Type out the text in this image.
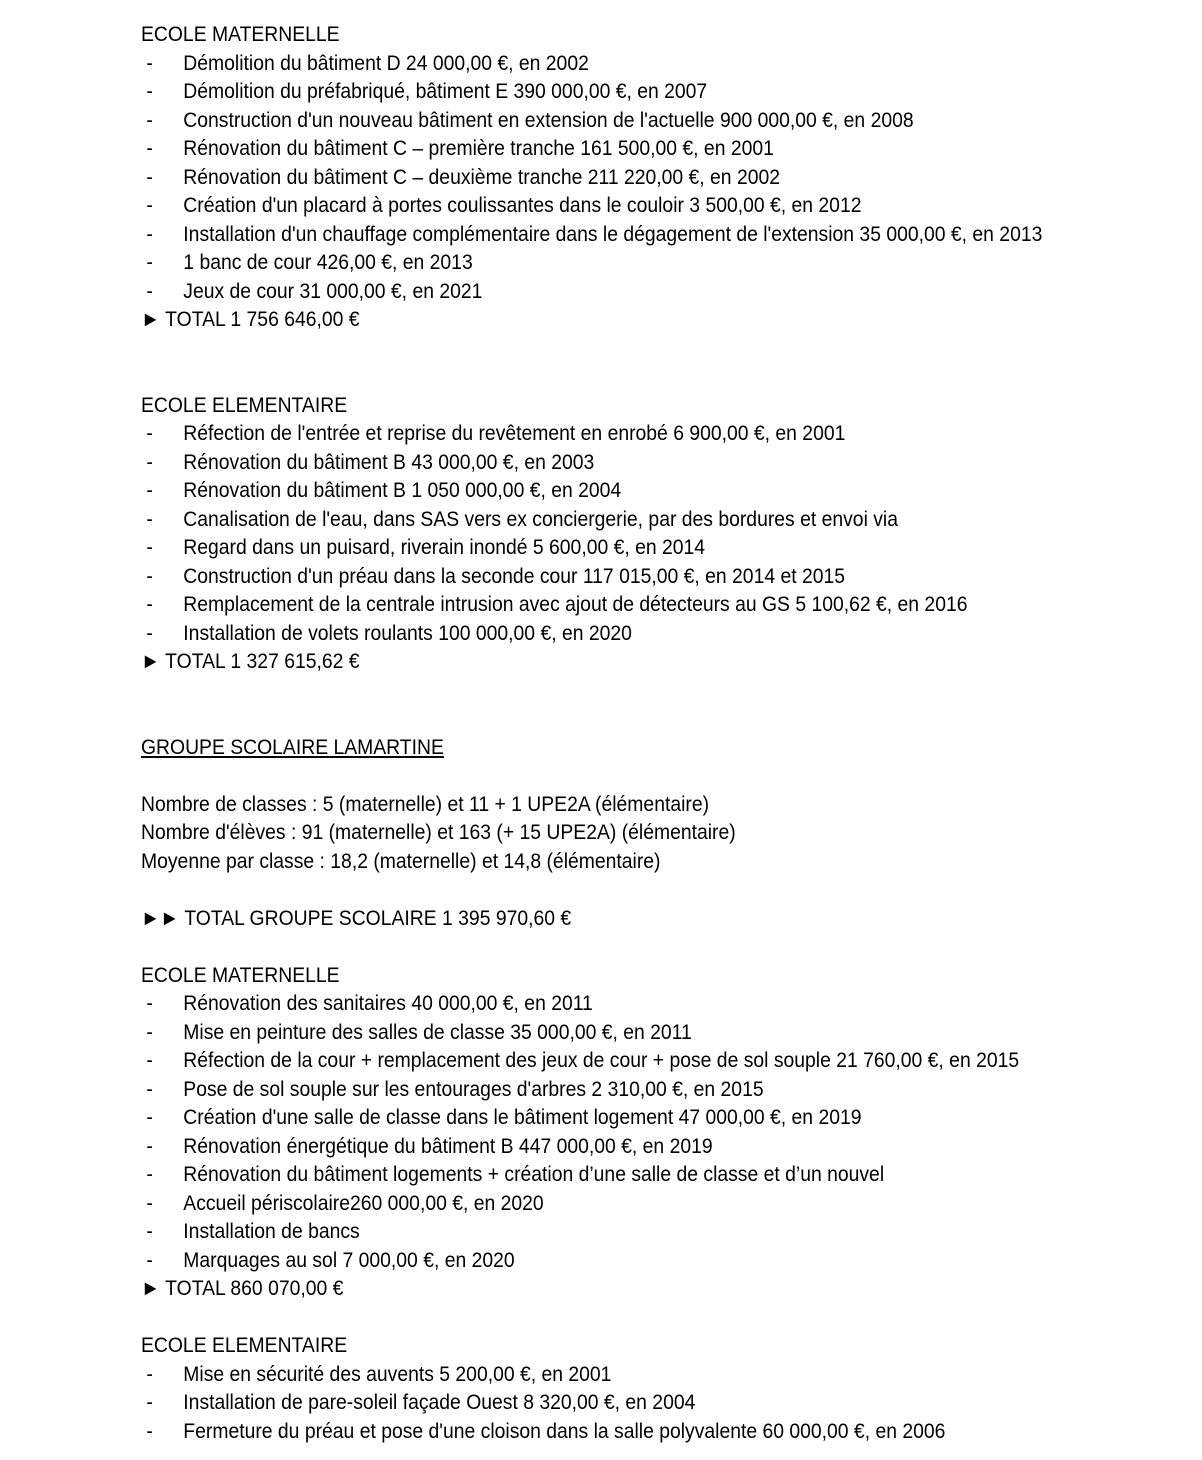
ECOLE MATERNELLE
- Démolition du bâtiment D 24 000,00 €, en 2002
- Démolition du préfabriqué, bâtiment E 390 000,00 €, en 2007
- Construction d'un nouveau bâtiment en extension de l'actuelle 900 000,00 €, en 2008
- Rénovation du bâtiment C – première tranche 161 500,00 €, en 2001
- Rénovation du bâtiment C – deuxième tranche 211 220,00 €, en 2002
- Création d'un placard à portes coulissantes dans le couloir 3 500,00 €, en 2012
- Installation d'un chauffage complémentaire dans le dégagement de l'extension 35 000,00 €, en 2013
- 1 banc de cour 426,00 €, en 2013
- Jeux de cour 31 000,00 €, en 2021
► TOTAL 1 756 646,00 €
ECOLE ELEMENTAIRE
- Réfection de l'entrée et reprise du revêtement en enrobé 6 900,00 €, en 2001
- Rénovation du bâtiment B 43 000,00 €, en 2003
- Rénovation du bâtiment B 1 050 000,00 €, en 2004
- Canalisation de l'eau, dans SAS vers ex conciergerie, par des bordures et envoi via
- Regard dans un puisard, riverain inondé 5 600,00 €, en 2014
- Construction d'un préau dans la seconde cour 117 015,00 €, en 2014 et 2015
- Remplacement de la centrale intrusion avec ajout de détecteurs au GS 5 100,62 €, en 2016
- Installation de volets roulants 100 000,00 €, en 2020
► TOTAL 1 327 615,62 €
GROUPE SCOLAIRE LAMARTINE
Nombre de classes : 5 (maternelle) et 11 + 1 UPE2A (élémentaire)
Nombre d'élèves : 91 (maternelle) et 163 (+ 15 UPE2A) (élémentaire)
Moyenne par classe : 18,2 (maternelle) et 14,8 (élémentaire)
►► TOTAL GROUPE SCOLAIRE 1 395 970,60 €
ECOLE MATERNELLE
- Rénovation des sanitaires 40 000,00 €, en 2011
- Mise en peinture des salles de classe 35 000,00 €, en 2011
- Réfection de la cour + remplacement des jeux de cour + pose de sol souple 21 760,00 €, en 2015
- Pose de sol souple sur les entourages d'arbres 2 310,00 €, en 2015
- Création d'une salle de classe dans le bâtiment logement 47 000,00 €, en 2019
- Rénovation énergétique du bâtiment B 447 000,00 €, en 2019
- Rénovation du bâtiment logements + création d’une salle de classe et d’un nouvel
- Accueil périscolaire260 000,00 €, en 2020
- Installation de bancs
- Marquages au sol 7 000,00 €, en 2020
► TOTAL 860 070,00 €
ECOLE ELEMENTAIRE
- Mise en sécurité des auvents 5 200,00 €, en 2001
- Installation de pare-soleil façade Ouest 8 320,00 €, en 2004
- Fermeture du préau et pose d'une cloison dans la salle polyvalente 60 000,00 €, en 2006
